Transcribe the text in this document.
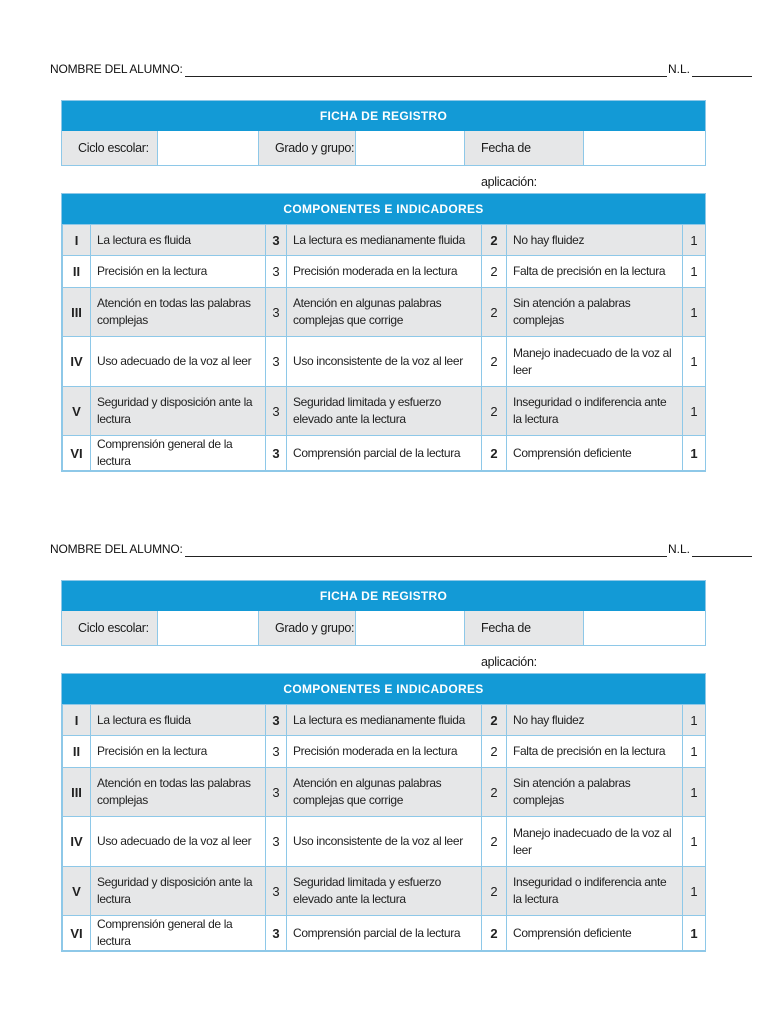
NOMBRE DEL ALUMNO:	N.L.
FICHA DE REGISTRO
Ciclo escolar:	Grado y grupo:	Fecha de aplicación:
COMPONENTES E INDICADORES
I	La lectura es fluida	3	La lectura es medianamente fluida	2	No hay fluidez	1
II	Precisión en la lectura	3	Precisión moderada en la lectura	2	Falta de precisión en la lectura	1
III	Atención en todas las palabras complejas	3	Atención en algunas palabras complejas que corrige	2	Sin atención a palabras complejas	1
IV	Uso adecuado de la voz al leer	3	Uso inconsistente de la voz al leer	2	Manejo inadecuado de la voz al leer	1
V	Seguridad y disposición ante la lectura	3	Seguridad limitada y esfuerzo elevado ante la lectura	2	Inseguridad o indiferencia ante la lectura	1
VI	Comprensión general de la lectura	3	Comprensión parcial de la lectura	2	Comprensión deficiente	1
NOMBRE DEL ALUMNO:	N.L.
FICHA DE REGISTRO
Ciclo escolar:	Grado y grupo:	Fecha de aplicación:
COMPONENTES E INDICADORES
I	La lectura es fluida	3	La lectura es medianamente fluida	2	No hay fluidez	1
II	Precisión en la lectura	3	Precisión moderada en la lectura	2	Falta de precisión en la lectura	1
III	Atención en todas las palabras complejas	3	Atención en algunas palabras complejas que corrige	2	Sin atención a palabras complejas	1
IV	Uso adecuado de la voz al leer	3	Uso inconsistente de la voz al leer	2	Manejo inadecuado de la voz al leer	1
V	Seguridad y disposición ante la lectura	3	Seguridad limitada y esfuerzo elevado ante la lectura	2	Inseguridad o indiferencia ante la lectura	1
VI	Comprensión general de la lectura	3	Comprensión parcial de la lectura	2	Comprensión deficiente	1
